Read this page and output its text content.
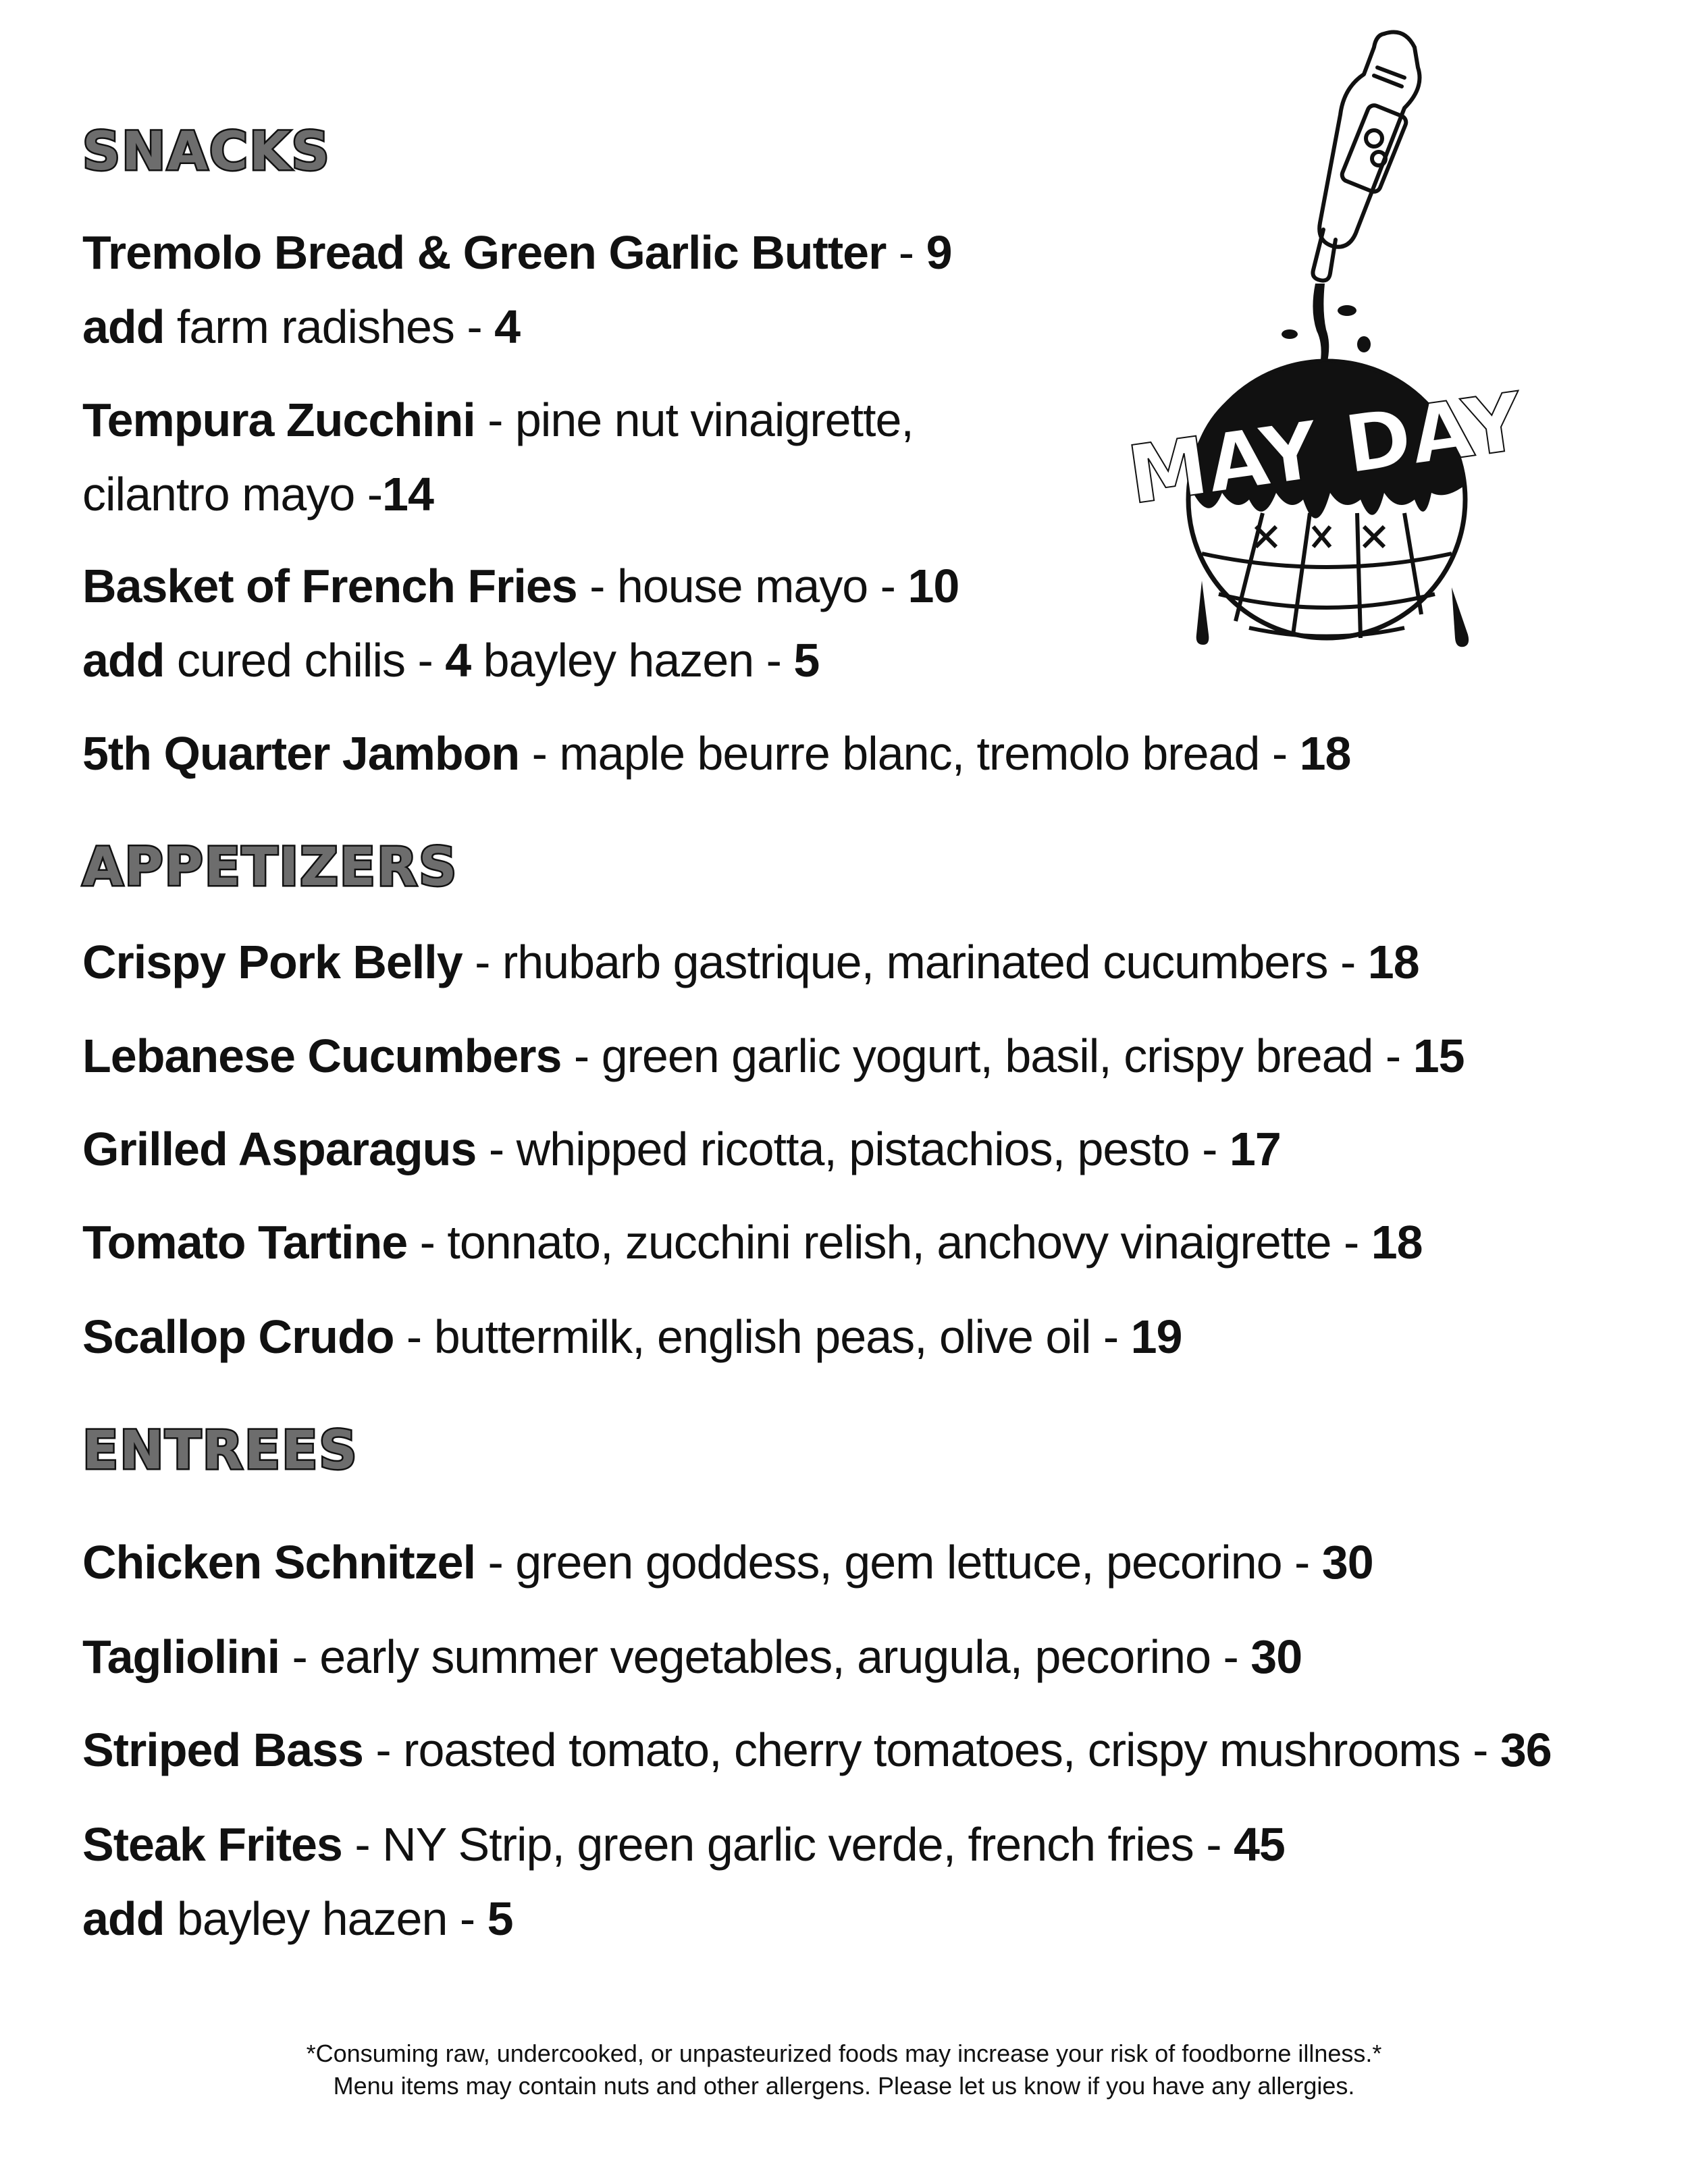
MAY DAY
SNACKS
Tremolo Bread & Green Garlic Butter - 9
add farm radishes - 4
Tempura Zucchini - pine nut vinaigrette,
cilantro mayo -14
Basket of French Fries - house mayo - 10
add cured chilis - 4 bayley hazen - 5
5th Quarter Jambon - maple beurre blanc, tremolo bread - 18
APPETIZERS
Crispy Pork Belly - rhubarb gastrique, marinated cucumbers - 18
Lebanese Cucumbers - green garlic yogurt, basil, crispy bread - 15
Grilled Asparagus - whipped ricotta, pistachios, pesto - 17
Tomato Tartine - tonnato, zucchini relish, anchovy vinaigrette - 18
Scallop Crudo - buttermilk, english peas, olive oil - 19
ENTREES
Chicken Schnitzel - green goddess, gem lettuce, pecorino - 30
Tagliolini - early summer vegetables, arugula, pecorino - 30
Striped Bass - roasted tomato, cherry tomatoes, crispy mushrooms - 36
Steak Frites - NY Strip, green garlic verde, french fries - 45
add bayley hazen - 5
*Consuming raw, undercooked, or unpasteurized foods may increase your risk of foodborne illness.*
Menu items may contain nuts and other allergens. Please let us know if you have any allergies.
